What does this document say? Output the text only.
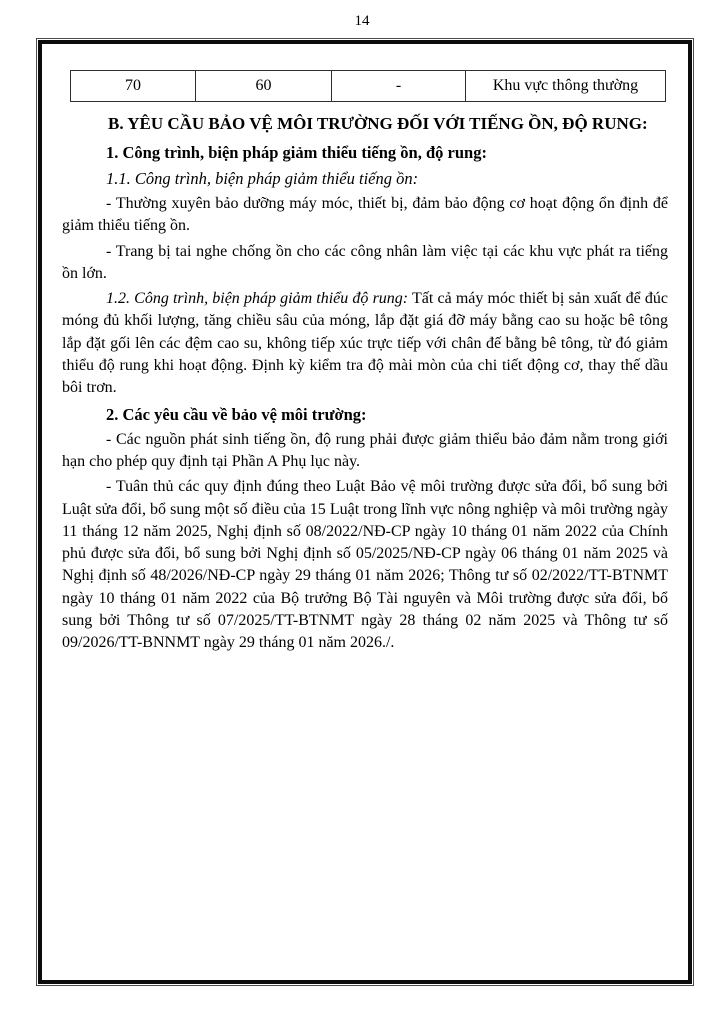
14
70	60	-	Khu vực thông thường

B. YÊU CẦU BẢO VỆ MÔI TRƯỜNG ĐỐI VỚI TIẾNG ỒN, ĐỘ RUNG:

1. Công trình, biện pháp giảm thiểu tiếng ồn, độ rung:

1.1. Công trình, biện pháp giảm thiểu tiếng ồn:

- Thường xuyên bảo dưỡng máy móc, thiết bị, đảm bảo động cơ hoạt động ổn định để giảm thiểu tiếng ồn.

- Trang bị tai nghe chống ồn cho các công nhân làm việc tại các khu vực phát ra tiếng ồn lớn.

1.2. Công trình, biện pháp giảm thiểu độ rung: Tất cả máy móc thiết bị sản xuất để đúc móng đủ khối lượng, tăng chiều sâu của móng, lắp đặt giá đỡ máy bằng cao su hoặc bê tông lắp đặt gối lên các đệm cao su, không tiếp xúc trực tiếp với chân đế bằng bê tông, từ đó giảm thiểu độ rung khi hoạt động. Định kỳ kiểm tra độ mài mòn của chi tiết động cơ, thay thế dầu bôi trơn.

2. Các yêu cầu về bảo vệ môi trường:

- Các nguồn phát sinh tiếng ồn, độ rung phải được giảm thiểu bảo đảm nằm trong giới hạn cho phép quy định tại Phần A Phụ lục này.

- Tuân thủ các quy định đúng theo Luật Bảo vệ môi trường được sửa đổi, bổ sung bởi Luật sửa đổi, bổ sung một số điều của 15 Luật trong lĩnh vực nông nghiệp và môi trường ngày 11 tháng 12 năm 2025, Nghị định số 08/2022/NĐ-CP ngày 10 tháng 01 năm 2022 của Chính phủ được sửa đổi, bổ sung bởi Nghị định số 05/2025/NĐ-CP ngày 06 tháng 01 năm 2025 và Nghị định số 48/2026/NĐ-CP ngày 29 tháng 01 năm 2026; Thông tư số 02/2022/TT-BTNMT ngày 10 tháng 01 năm 2022 của Bộ trưởng Bộ Tài nguyên và Môi trường được sửa đổi, bổ sung bởi Thông tư số 07/2025/TT-BTNMT ngày 28 tháng 02 năm 2025 và Thông tư số 09/2026/TT-BNNMT ngày 29 tháng 01 năm 2026./.
